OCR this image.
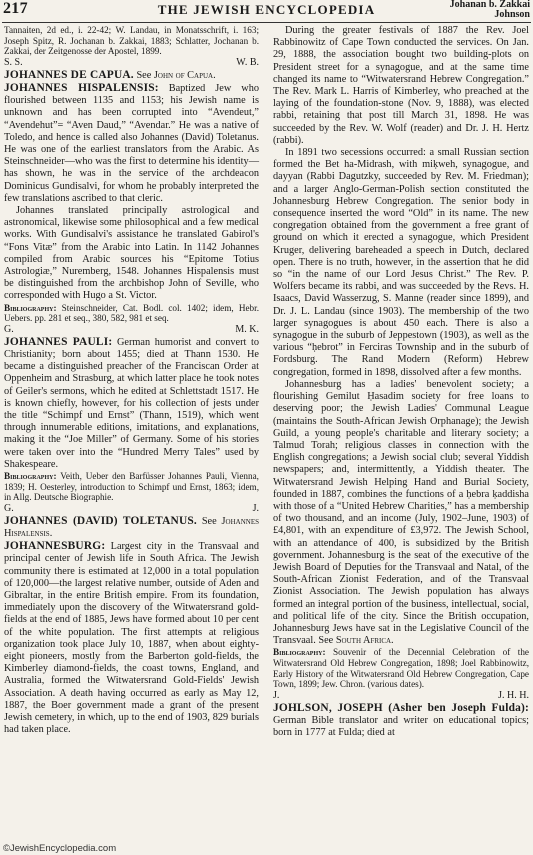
217	THE JEWISH ENCYCLOPEDIA	Johanan b. Zakkai
Johnson

Tannaiten, 2d ed., i. 22-42; W. Landau, in Monatsschrift, i. 163; Joseph Spitz, R. Jochanan b. Zakkai, 1883; Schlatter, Jochanan b. Zakkai, der Zeitgenosse der Apostel, 1899.

S. S.	W. B.

JOHANNES DE CAPUA. See John of Capua.

JOHANNES HISPALENSIS: Baptized Jew who flourished between 1135 and 1153; his Jewish name is unknown and has been corrupted into “Avendeut,” “Avendehut”= “Aven Daud,” “Avendar.” He was a native of Toledo, and hence is called also Johannes (David) Toletanus. He was one of the earliest translators from the Arabic. As Steinschneider—who was the first to determine his identity—has shown, he was in the service of the archdeacon Dominicus Gundisalvi, for whom he probably interpreted the few translations ascribed to that cleric.

Johannes translated principally astrological and astronomical, likewise some philosophical and a few medical works. With Gundisalvi's assistance he translated Gabirol's “Fons Vitæ” from the Arabic into Latin. In 1142 Johannes compiled from Arabic sources his “Epitome Totius Astrologiæ,” Nuremberg, 1548. Johannes Hispalensis must be distinguished from the archbishop John of Seville, who corresponded with Hugo a St. Victor.

Bibliography: Steinschneider, Cat. Bodl. col. 1402; idem, Hebr. Uebers. pp. 281 et seq., 380, 582, 981 et seq.

G.	M. K.

JOHANNES PAULI: German humorist and convert to Christianity; born about 1455; died at Thann 1530. He became a distinguished preacher of the Franciscan Order at Oppenheim and Strasburg, at which latter place he took notes of Geiler's sermons, which he edited at Schlettstadt 1517. He is known chiefly, however, for his collection of jests under the title “Schimpf und Ernst” (Thann, 1519), which went through innumerable editions, imitations, and explanations, making it the “Joe Miller” of Germany. Some of his stories were taken over into the “Hundred Merry Tales” used by Shakespeare.

Bibliography: Veith, Ueber den Barfüsser Johannes Pauli, Vienna, 1839; H. Oesterley, introduction to Schimpf und Ernst, 1863; idem, in Allg. Deutsche Biographie.

G.	J.

JOHANNES (DAVID) TOLETANUS. See Johannes Hispalensis.

JOHANNESBURG: Largest city in the Transvaal and principal center of Jewish life in South Africa. The Jewish community there is estimated at 12,000 in a total population of 120,000—the largest relative number, outside of Aden and Gibraltar, in the entire British empire. From its foundation, immediately upon the discovery of the Witwatersrand gold-fields at the end of 1885, Jews have formed about 10 per cent of the white population. The first attempts at religious organization took place July 10, 1887, when about eighty-eight pioneers, mostly from the Barberton gold-fields, the Kimberley diamond-fields, the coast towns, England, and Australia, formed the Witwatersrand Gold-Fields' Jewish Association. A death having occurred as early as May 12, 1887, the Boer government made a grant of the present Jewish cemetery, in which, up to the end of 1903, 829 burials had taken place.

During the greater festivals of 1887 the Rev. Joel Rabbinowitz of Cape Town conducted the services. On Jan. 29, 1888, the association bought two building-plots on President street for a synagogue, and at the same time changed its name to “Witwatersrand Hebrew Congregation.” The Rev. Mark L. Harris of Kimberley, who preached at the laying of the foundation-stone (Nov. 9, 1888), was elected rabbi, retaining that post till March 31, 1898. He was succeeded by the Rev. W. Wolf (reader) and Dr. J. H. Hertz (rabbi).

In 1891 two secessions occurred: a small Russian section formed the Bet ha-Midrash, with miḳweh, synagogue, and dayyan (Rabbi Dagutzky, succeeded by Rev. M. Friedman); and a larger Anglo-German-Polish section constituted the Johannesburg Hebrew Congregation. The senior body in consequence inserted the word “Old” in its name. The new congregation obtained from the government a free grant of ground on which it erected a synagogue, which President Kruger, delivering bareheaded a speech in Dutch, declared open. There is no truth, however, in the assertion that he did so “in the name of our Lord Jesus Christ.” The Rev. P. Wolfers became its rabbi, and was succeeded by the Revs. H. Isaacs, David Wasserzug, S. Manne (reader since 1899), and Dr. J. L. Landau (since 1903). The membership of the two larger synagogues is about 450 each. There is also a synagogue in the suburb of Jeppestown (1903), as well as the various “ḥebrot” in Ferciras Township and in the suburb of Fordsburg. The Rand Modern (Reform) Hebrew congregation, formed in 1898, dissolved after a few months.

Johannesburg has a ladies' benevolent society; a flourishing Gemilut Ḥasadim society for free loans to deserving poor; the Jewish Ladies' Communal League (maintains the South-African Jewish Orphanage); the Jewish Guild, a young people's charitable and literary society; a Talmud Torah; religious classes in connection with the English congregations; a Jewish social club; several Yiddish newspapers; and, intermittently, a Yiddish theater. The Witwatersrand Jewish Helping Hand and Burial Society, founded in 1887, combines the functions of a ḥebra ḳaddisha with those of a “United Hebrew Charities,” has a membership of two thousand, and an income (July, 1902–June, 1903) of £4,801, with an expenditure of £3,972. The Jewish School, with an attendance of 400, is subsidized by the British government. Johannesburg is the seat of the executive of the Jewish Board of Deputies for the Transvaal and Natal, of the South-African Zionist Federation, and of the Transvaal Zionist Association. The Jewish population has always formed an integral portion of the business, intellectual, social, and political life of the city. Since the British occupation, Johannesburg Jews have sat in the Legislative Council of the Transvaal. See South Africa.

Bibliography: Souvenir of the Decennial Celebration of the Witwatersrand Old Hebrew Congregation, 1898; Joel Rabbinowitz, Early History of the Witwatersrand Old Hebrew Congregation, Cape Town, 1899; Jew. Chron. (various dates).

J.	J. H. H.

JOHLSON, JOSEPH (Asher ben Joseph Fulda): German Bible translator and writer on educational topics; born in 1777 at Fulda; died at

©JewishEncyclopedia.com
